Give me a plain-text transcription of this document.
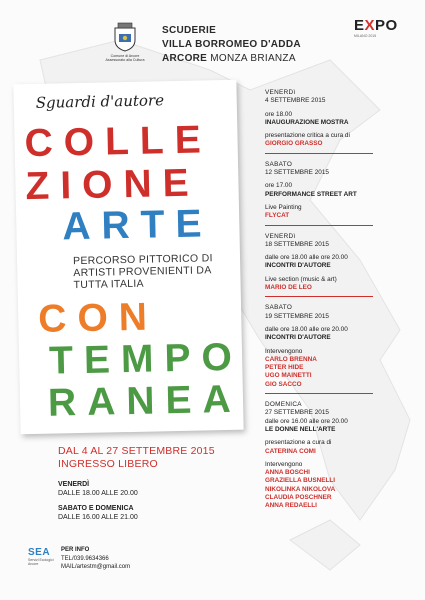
Comune di Arcore
Assessorato alla Cultura
SCUDERIE
VILLA BORROMEO D'ADDA
ARCORE MONZA BRIANZA
EXPO
MILANO 2015
Sguardi d'autore
COLLE
ZIONE
ARTE
PERCORSO PITTORICO DI ARTISTI PROVENIENTI DA TUTTA ITALIA
CON
TEMPO
RANEA
DAL 4 AL 27 SETTEMBRE 2015
INGRESSO LIBERO
VENERDÌ
DALLE 18.00 ALLE 20.00
SABATO E DOMENICA
DALLE 16.00 ALLE 21.00
SEA
Servizi Ecologici Arcore
PER INFO
TEL/039.9634366
MAIL/artestm@gmail.com
VENERDì
4 SETTEMBRE 2015
ore 18.00
INAUGURAZIONE MOSTRA
presentazione critica a cura di
GIORGIO GRASSO
SABATO
12 SETTEMBRE 2015
ore 17.00
PERFORMANCE STREET ART
Live Painting
FLYCAT
VENERDì
18 SETTEMBRE 2015
dalle ore 18.00 alle ore 20.00
INCONTRI D'AUTORE
Live section (music & art)
MARIO DE LEO
SABATO
19 SETTEMBRE 2015
dalle ore 18.00 alle ore 20.00
INCONTRI D'AUTORE
Intervengono
CARLO BRENNA
PETER HIDE
UGO MAINETTI
GIO SACCO
DOMENICA
27 SETTEMBRE 2015
dalle ore 16.00 alle ore 20.00
LE DONNE NELL'ARTE
presentazione a cura di
CATERINA COMI
Intervengono
ANNA BOSCHI
GRAZIELLA BUSNELLI
NIKOLINKA NIKOLOVA
CLAUDIA POSCHNER
ANNA REDAELLI
